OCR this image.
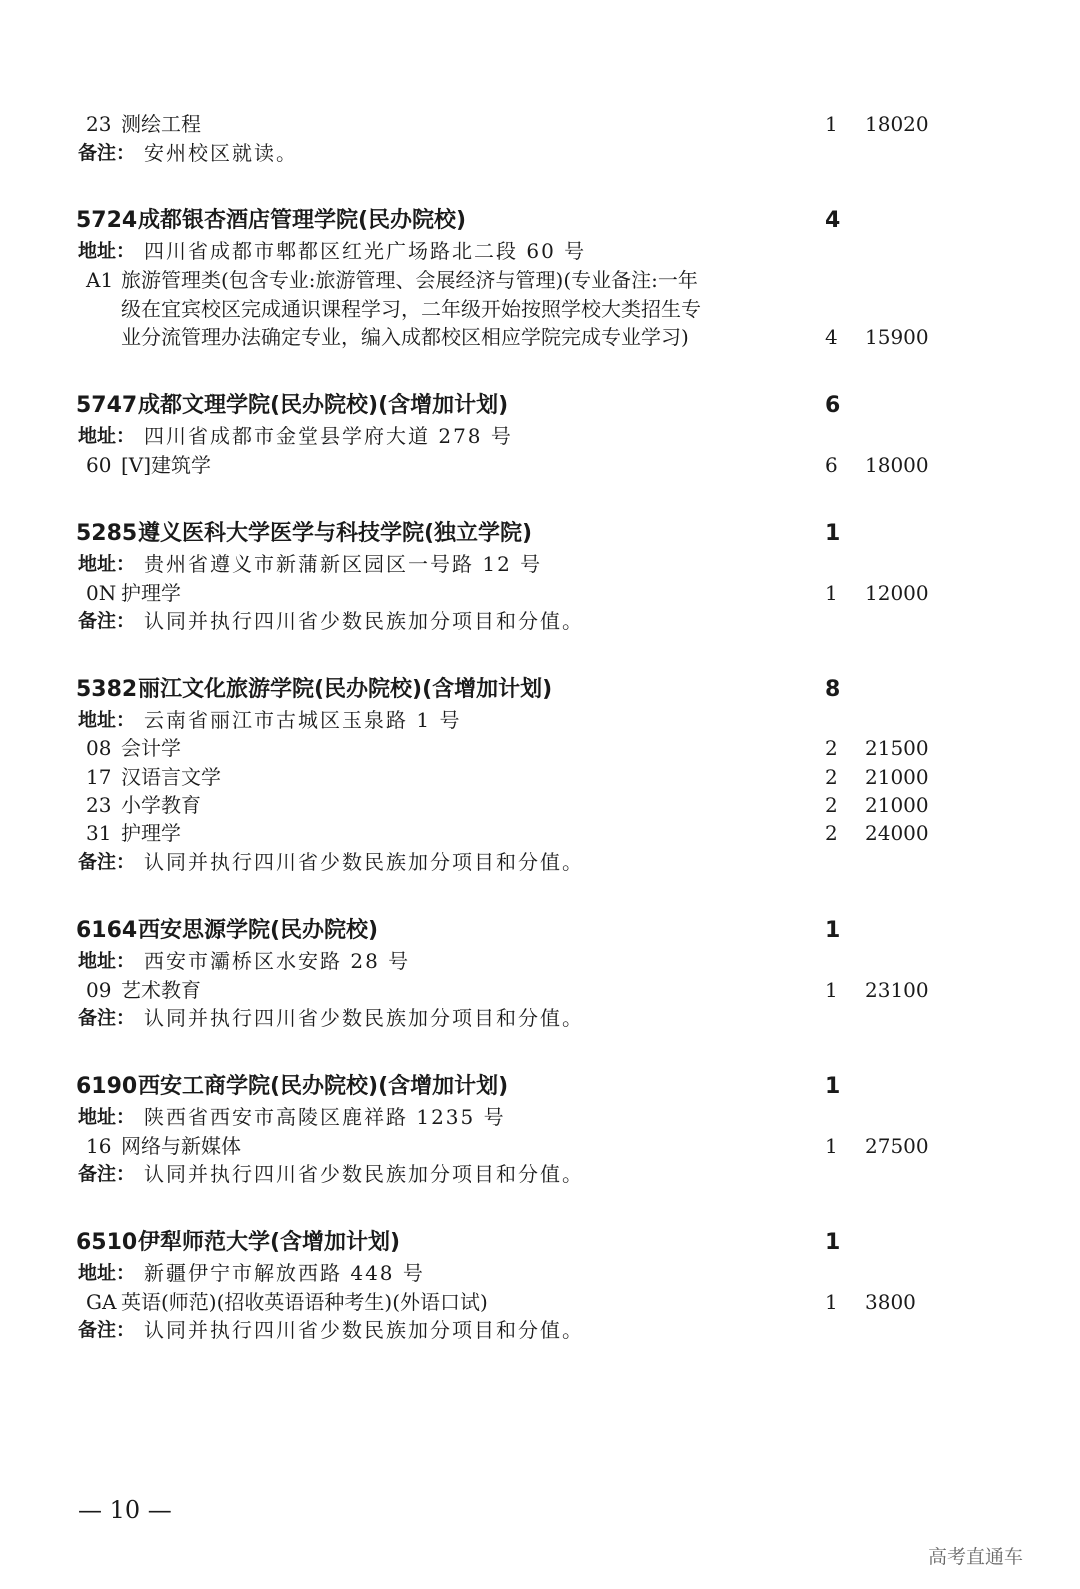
23 测绘工程	1 18020
备注： 安州校区就读。
5724 成都银杏酒店管理学院(民办院校)	4
地址： 四川省成都市郫都区红光广场路北二段 60 号
A1 旅游管理类(包含专业:旅游管理、会展经济与管理)(专业备注:一年
级在宜宾校区完成通识课程学习，二年级开始按照学校大类招生专
业分流管理办法确定专业，编入成都校区相应学院完成专业学习)	4 15900
5747 成都文理学院(民办院校)(含增加计划)	6
地址： 四川省成都市金堂县学府大道 278 号
60 [V]建筑学	6 18000
5285 遵义医科大学医学与科技学院(独立学院)	1
地址： 贵州省遵义市新蒲新区园区一号路 12 号
0N 护理学	1 12000
备注： 认同并执行四川省少数民族加分项目和分值。
5382 丽江文化旅游学院(民办院校)(含增加计划)	8
地址： 云南省丽江市古城区玉泉路 1 号
08 会计学	2 21500
17 汉语言文学	2 21000
23 小学教育	2 21000
31 护理学	2 24000
备注： 认同并执行四川省少数民族加分项目和分值。
6164 西安思源学院(民办院校)	1
地址： 西安市灞桥区水安路 28 号
09 艺术教育	1 23100
备注： 认同并执行四川省少数民族加分项目和分值。
6190 西安工商学院(民办院校)(含增加计划)	1
地址： 陕西省西安市高陵区鹿祥路 1235 号
16 网络与新媒体	1 27500
备注： 认同并执行四川省少数民族加分项目和分值。
6510 伊犁师范大学(含增加计划)	1
地址： 新疆伊宁市解放西路 448 号
GA 英语(师范)(招收英语语种考生)(外语口试)	1 3800
备注： 认同并执行四川省少数民族加分项目和分值。
— 10 —
高考直通车
